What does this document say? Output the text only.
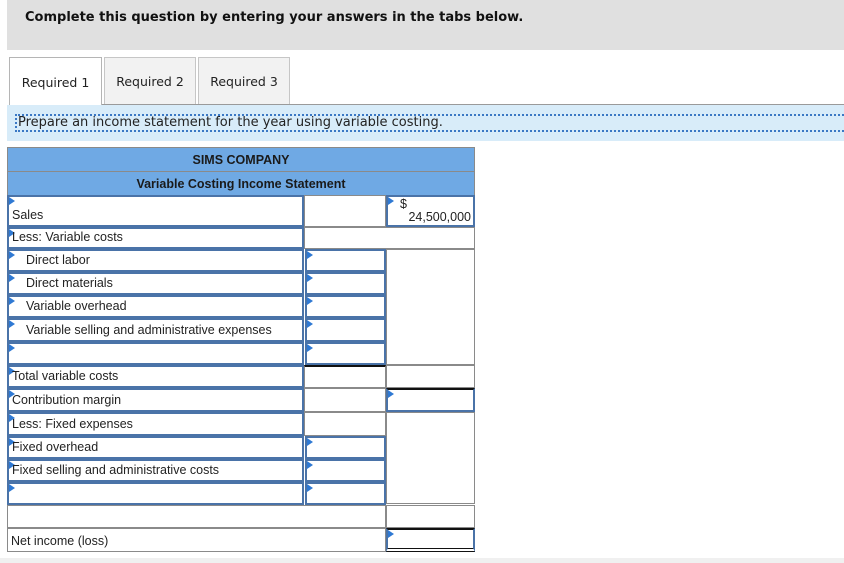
Complete this question by entering your answers in the tabs below.
Required 1	Required 2	Required 3
Prepare an income statement for the year using variable costing.
SIMS COMPANY
Variable Costing Income Statement
Sales
$
24,500,000
Less: Variable costs
Direct labor
Direct materials
Variable overhead
Variable selling and administrative expenses
Total variable costs
Contribution margin
Less: Fixed expenses
Fixed overhead
Fixed selling and administrative costs
Net income (loss)
